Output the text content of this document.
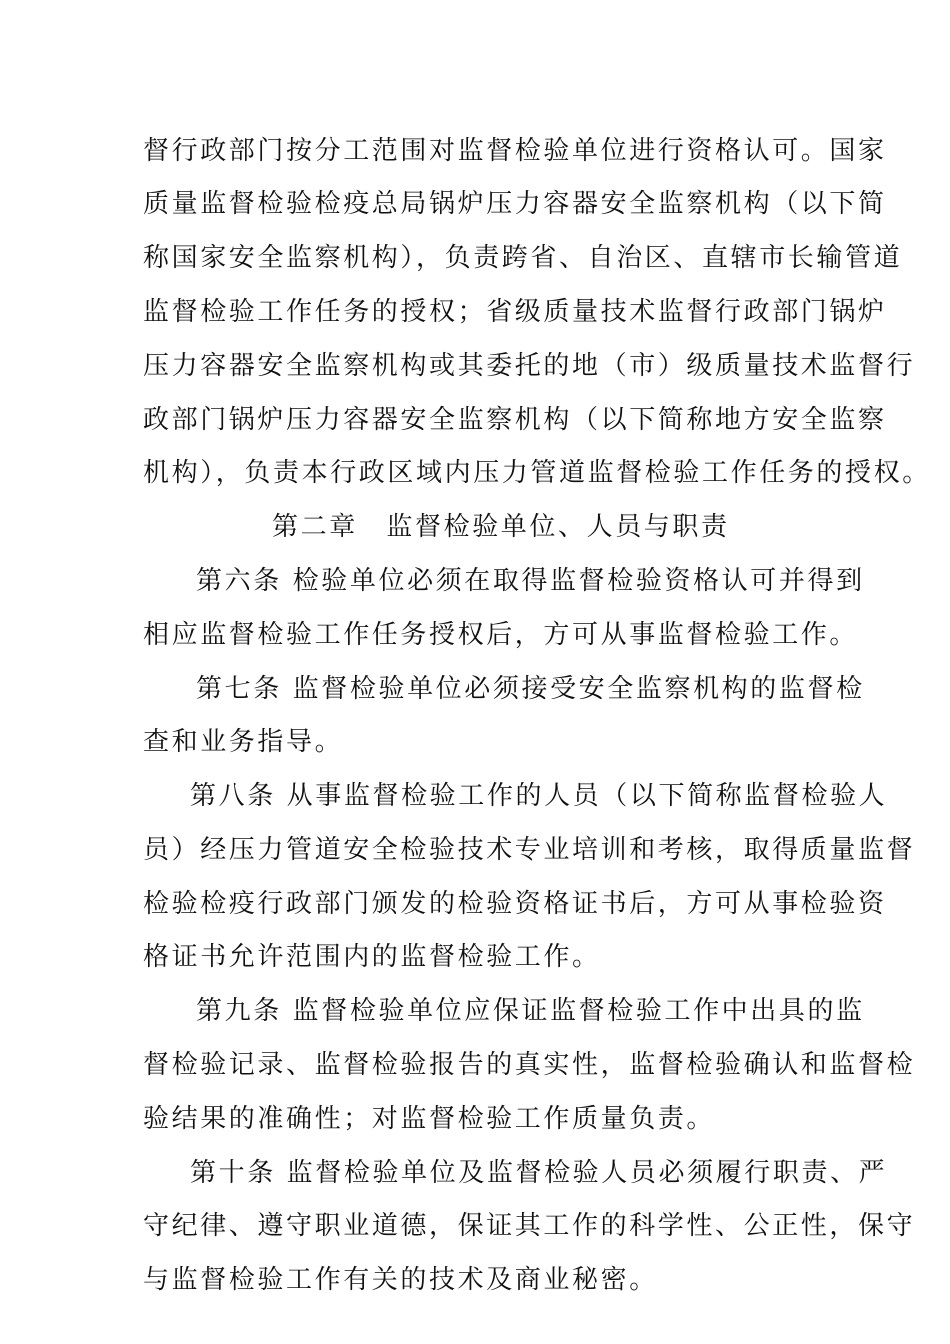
督行政部门按分工范围对监督检验单位进行资格认可。国家
质量监督检验检疫总局锅炉压力容器安全监察机构（以下简
称国家安全监察机构），负责跨省、自治区、直辖市长输管道
监督检验工作任务的授权；省级质量技术监督行政部门锅炉
压力容器安全监察机构或其委托的地（市）级质量技术监督行
政部门锅炉压力容器安全监察机构（以下简称地方安全监察
机构），负责本行政区域内压力管道监督检验工作任务的授权。
第二章　监督检验单位、人员与职责
第六条 检验单位必须在取得监督检验资格认可并得到
相应监督检验工作任务授权后，方可从事监督检验工作。
第七条 监督检验单位必须接受安全监察机构的监督检
查和业务指导。
第八条 从事监督检验工作的人员（以下简称监督检验人
员）经压力管道安全检验技术专业培训和考核，取得质量监督
检验检疫行政部门颁发的检验资格证书后，方可从事检验资
格证书允许范围内的监督检验工作。
第九条 监督检验单位应保证监督检验工作中出具的监
督检验记录、监督检验报告的真实性，监督检验确认和监督检
验结果的准确性；对监督检验工作质量负责。
第十条 监督检验单位及监督检验人员必须履行职责、严
守纪律、遵守职业道德，保证其工作的科学性、公正性，保守
与监督检验工作有关的技术及商业秘密。
